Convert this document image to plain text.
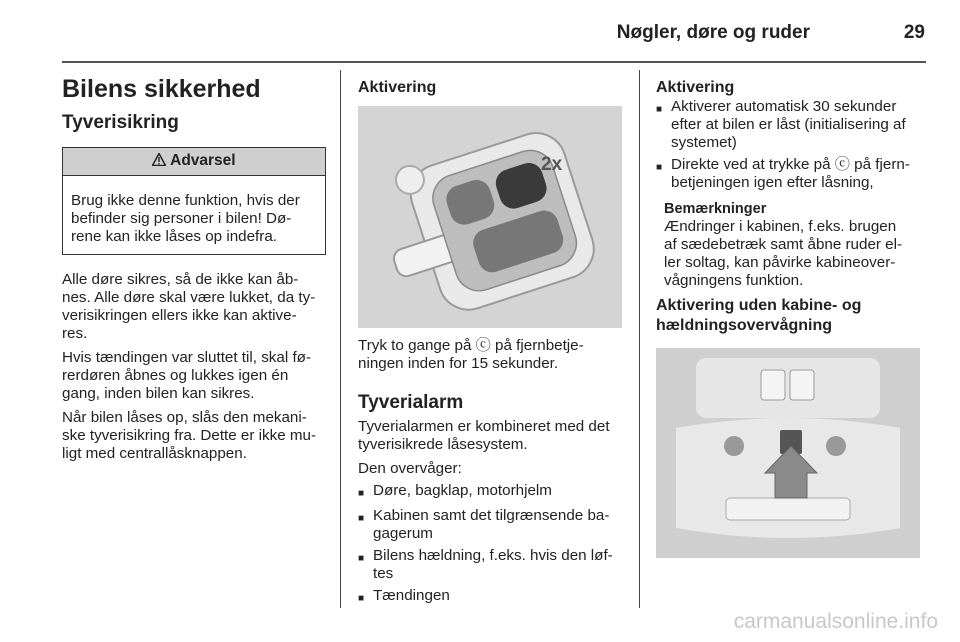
Nøgler, døre og ruder	29
Bilens sikkerhed
Tyverisikring
Advarsel

Brug ikke denne funktion, hvis der

befinder sig personer i bilen! Dø-

rene kan ikke låses op indefra.

Alle døre sikres, så de ikke kan åb-

nes. Alle døre skal være lukket, da ty-

verisikringen ellers ikke kan aktive-

res.

Hvis tændingen var sluttet til, skal fø-

rerdøren åbnes og lukkes igen én

gang, inden bilen kan sikres.

Når bilen låses op, slås den mekani-

ske tyverisikring fra. Dette er ikke mu-

ligt med centrallåsknappen.

Aktivering
2x

Tryk to gange på ⓒ på fjernbetje-

ningen inden for 15 sekunder.

Tyverialarm

Tyverialarmen er kombineret med det

tyverisikrede låsesystem.

Den overvåger:

■ Døre, bagklap, motorhjelm
■ Kabinen samt det tilgrænsende ba-
gagerum
■ Bilens hældning, f.eks. hvis den løf-
tes
■ Tændingen
Aktivering
■ Aktiverer automatisk 30 sekunder
efter at bilen er låst (initialisering af
systemet)
■ Direkte ved at trykke på ⓒ på fjern-
betjeningen igen efter låsning,
Bemærkninger

Ændringer i kabinen, f.eks. brugen

af sædebetræk samt åbne ruder el-

ler soltag, kan påvirke kabineover-

vågningens funktion.

Aktivering uden kabine- og
hældningsovervågning
carmanualsonline.info
